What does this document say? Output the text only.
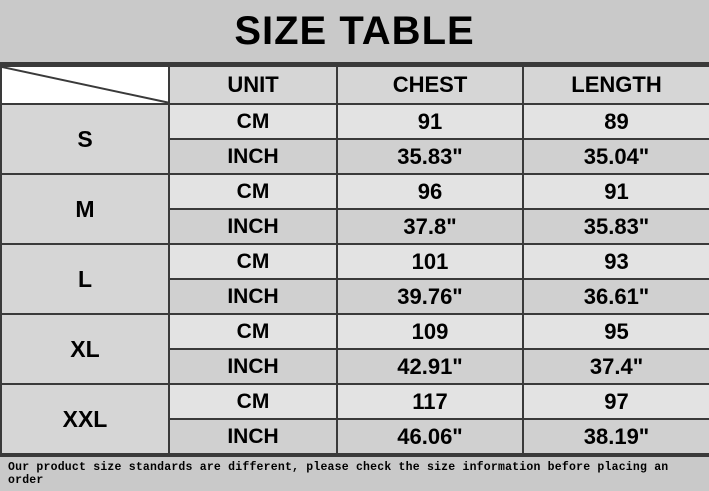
SIZE TABLE
	UNIT	CHEST	LENGTH
S	CM	91	89
	INCH	35.83"	35.04"
M	CM	96	91
	INCH	37.8"	35.83"
L	CM	101	93
	INCH	39.76"	36.61"
XL	CM	109	95
	INCH	42.91"	37.4"
XXL	CM	117	97
	INCH	46.06"	38.19"
Our product size standards are different, please check the size information before placing an order
